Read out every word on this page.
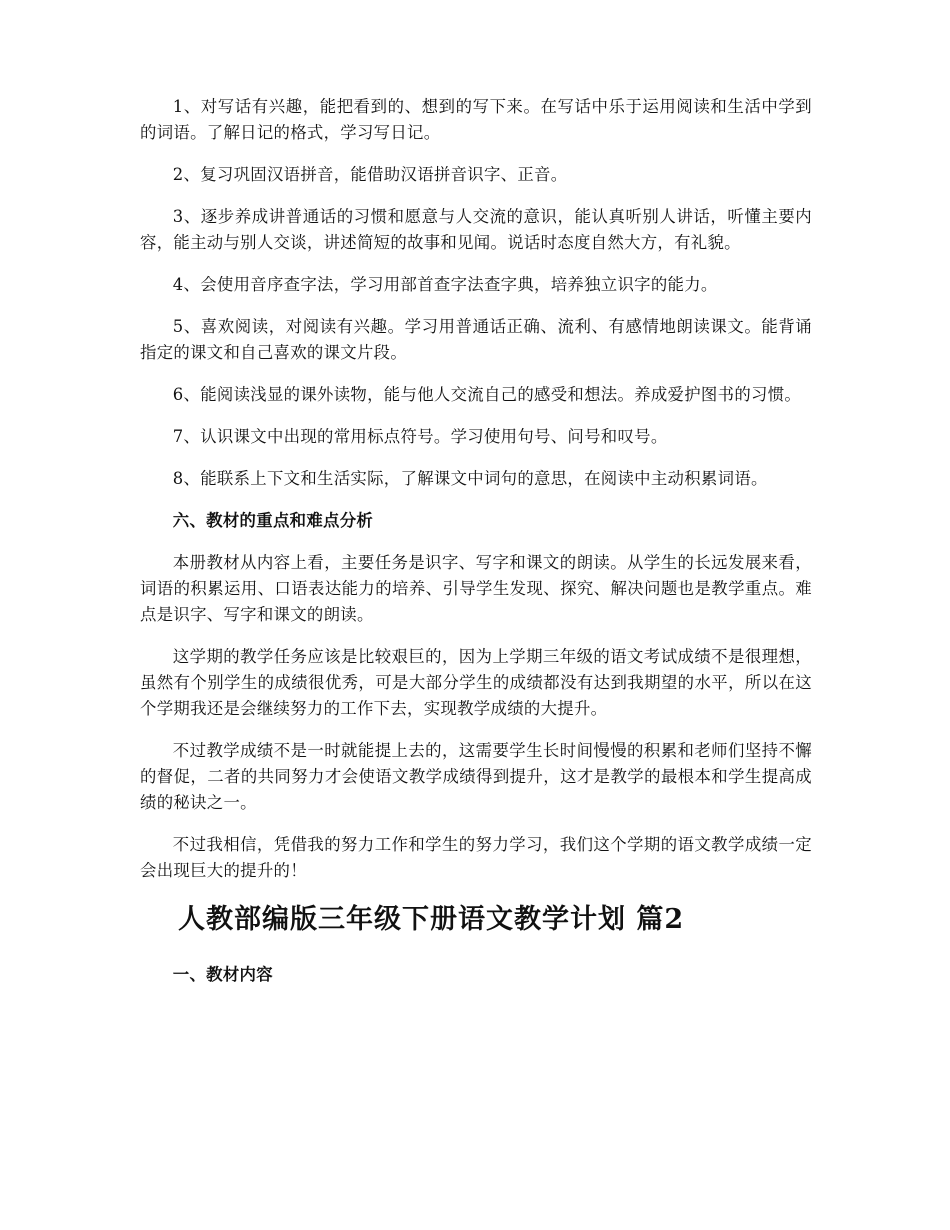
1、对写话有兴趣，能把看到的、想到的写下来。在写话中乐于运用阅读和生活中学到的词语。了解日记的格式，学习写日记。

2、复习巩固汉语拼音，能借助汉语拼音识字、正音。

3、逐步养成讲普通话的习惯和愿意与人交流的意识，能认真听别人讲话，听懂主要内容，能主动与别人交谈，讲述简短的故事和见闻。说话时态度自然大方，有礼貌。

4、会使用音序查字法，学习用部首查字法查字典，培养独立识字的能力。

5、喜欢阅读，对阅读有兴趣。学习用普通话正确、流利、有感情地朗读课文。能背诵指定的课文和自己喜欢的课文片段。

6、能阅读浅显的课外读物，能与他人交流自己的感受和想法。养成爱护图书的习惯。

7、认识课文中出现的常用标点符号。学习使用句号、问号和叹号。

8、能联系上下文和生活实际，了解课文中词句的意思，在阅读中主动积累词语。

六、教材的重点和难点分析

本册教材从内容上看，主要任务是识字、写字和课文的朗读。从学生的长远发展来看，词语的积累运用、口语表达能力的培养、引导学生发现、探究、解决问题也是教学重点。难点是识字、写字和课文的朗读。

这学期的教学任务应该是比较艰巨的，因为上学期三年级的语文考试成绩不是很理想，虽然有个别学生的成绩很优秀，可是大部分学生的成绩都没有达到我期望的水平，所以在这个学期我还是会继续努力的工作下去，实现教学成绩的大提升。

不过教学成绩不是一时就能提上去的，这需要学生长时间慢慢的积累和老师们坚持不懈的督促，二者的共同努力才会使语文教学成绩得到提升，这才是教学的最根本和学生提高成绩的秘诀之一。

不过我相信，凭借我的努力工作和学生的努力学习，我们这个学期的语文教学成绩一定会出现巨大的提升的！

人教部编版三年级下册语文教学计划 篇2

一、教材内容
